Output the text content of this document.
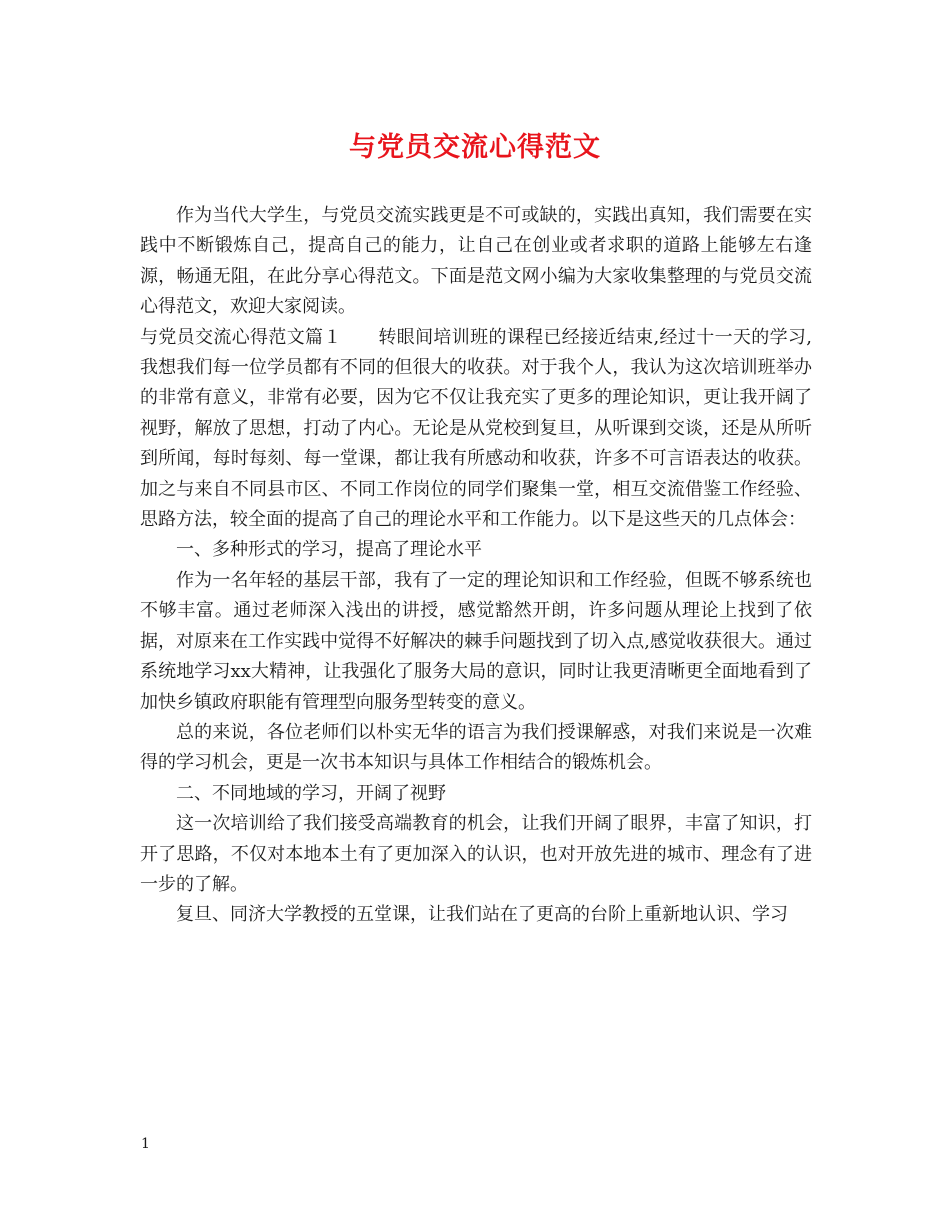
与党员交流心得范文

作为当代大学生，与党员交流实践更是不可或缺的，实践出真知，我们需要在实践中不断锻炼自己，提高自己的能力，让自己在创业或者求职的道路上能够左右逢源，畅通无阻，在此分享心得范文。下面是范文网小编为大家收集整理的与党员交流心得范文，欢迎大家阅读。

与党员交流心得范文篇１　　转眼间培训班的课程已经接近结束,经过十一天的学习,我想我们每一位学员都有不同的但很大的收获。对于我个人，我认为这次培训班举办的非常有意义，非常有必要，因为它不仅让我充实了更多的理论知识，更让我开阔了视野，解放了思想，打动了内心。无论是从党校到复旦，从听课到交谈，还是从所听到所闻，每时每刻、每一堂课，都让我有所感动和收获，许多不可言语表达的收获。加之与来自不同县市区、不同工作岗位的同学们聚集一堂，相互交流借鉴工作经验、思路方法，较全面的提高了自己的理论水平和工作能力。以下是这些天的几点体会：

一、多种形式的学习，提高了理论水平

作为一名年轻的基层干部，我有了一定的理论知识和工作经验，但既不够系统也不够丰富。通过老师深入浅出的讲授，感觉豁然开朗，许多问题从理论上找到了依据，对原来在工作实践中觉得不好解决的棘手问题找到了切入点,感觉收获很大。通过系统地学习xx大精神，让我强化了服务大局的意识，同时让我更清晰更全面地看到了加快乡镇政府职能有管理型向服务型转变的意义。

总的来说，各位老师们以朴实无华的语言为我们授课解惑，对我们来说是一次难得的学习机会，更是一次书本知识与具体工作相结合的锻炼机会。

二、不同地域的学习，开阔了视野

这一次培训给了我们接受高端教育的机会，让我们开阔了眼界，丰富了知识，打开了思路，不仅对本地本土有了更加深入的认识，也对开放先进的城市、理念有了进一步的了解。

复旦、同济大学教授的五堂课，让我们站在了更高的台阶上重新地认识、学习

1
